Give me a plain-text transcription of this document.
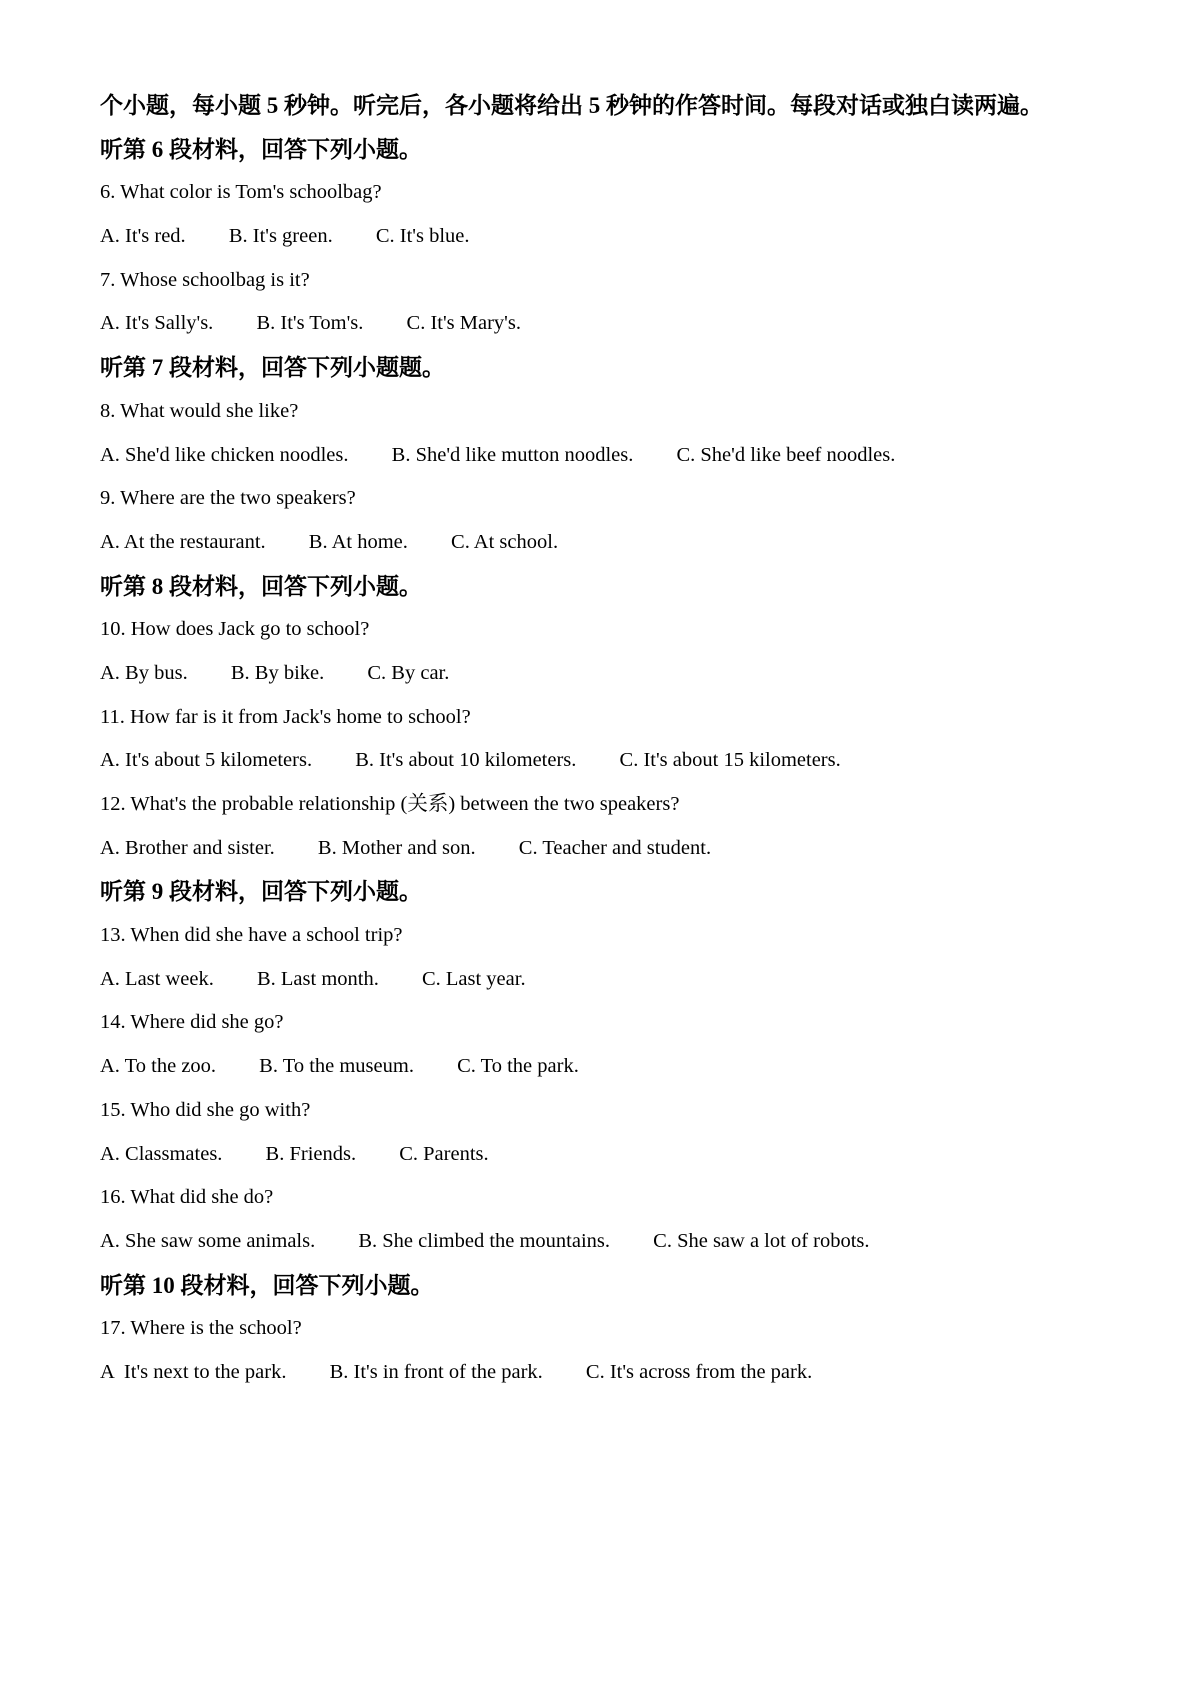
个小题，每小题 5 秒钟。听完后，各小题将给出 5 秒钟的作答时间。每段对话或独白读两遍。

听第 6 段材料，回答下列小题。

6. What color is Tom's schoolbag?

A. It's red. B. It's green. C. It's blue.

7. Whose schoolbag is it?

A. It's Sally's. B. It's Tom's. C. It's Mary's.

听第 7 段材料，回答下列小题题。

8. What would she like?

A. She'd like chicken noodles. B. She'd like mutton noodles. C. She'd like beef noodles.

9. Where are the two speakers?

A. At the restaurant. B. At home. C. At school.

听第 8 段材料，回答下列小题。

10. How does Jack go to school?

A. By bus. B. By bike. C. By car.

11. How far is it from Jack's home to school?

A. It's about 5 kilometers. B. It's about 10 kilometers. C. It's about 15 kilometers.

12. What's the probable relationship (关系) between the two speakers?

A. Brother and sister. B. Mother and son. C. Teacher and student.

听第 9 段材料，回答下列小题。

13. When did she have a school trip?

A. Last week. B. Last month. C. Last year.

14. Where did she go?

A. To the zoo. B. To the museum. C. To the park.

15. Who did she go with?

A. Classmates. B. Friends. C. Parents.

16. What did she do?

A. She saw some animals. B. She climbed the mountains. C. She saw a lot of robots.

听第 10 段材料，回答下列小题。

17. Where is the school?

A  It's next to the park. B. It's in front of the park. C. It's across from the park.
